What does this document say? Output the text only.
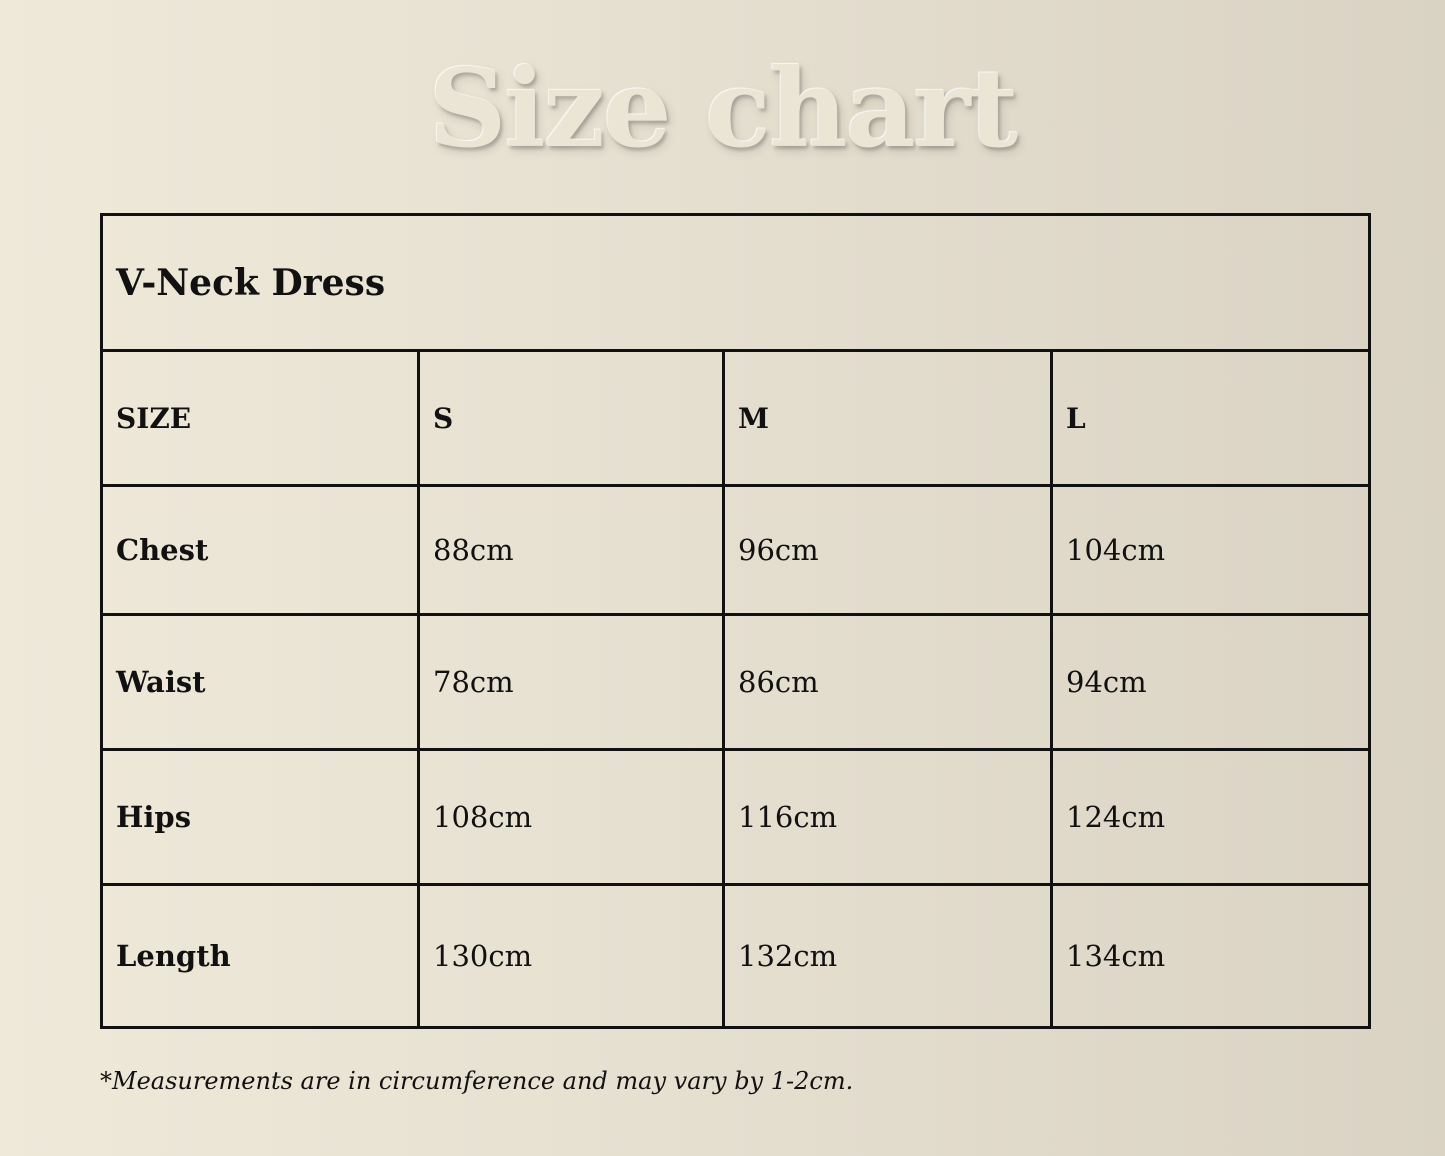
Size chart
V-Neck Dress			
SIZE	S	M	L
Chest	88cm	96cm	104cm
Waist	78cm	86cm	94cm
Hips	108cm	116cm	124cm
Length	130cm	132cm	134cm

*Measurements are in circumference and may vary by 1-2cm.
